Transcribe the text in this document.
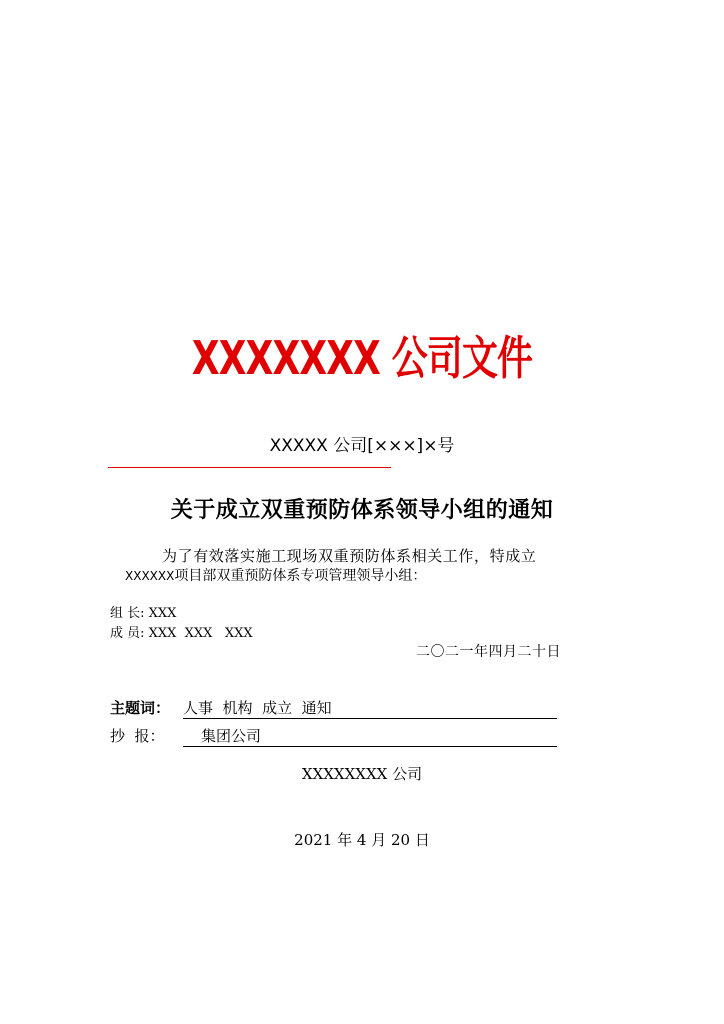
XXXXXXX 公司文件
XXXXX 公司[×××]×号
关于成立双重预防体系领导小组的通知
为了有效落实施工现场双重预防体系相关工作，特成立
XXXXXX项目部双重预防体系专项管理领导小组：
组 长: XXX
成 员: XXX  XXX   XXX
二〇二一年四月二十日
主题词： 人事  机构  成立  通知
抄  报：	集团公司
XXXXXXXX 公司
2021 年 4 月 20 日
